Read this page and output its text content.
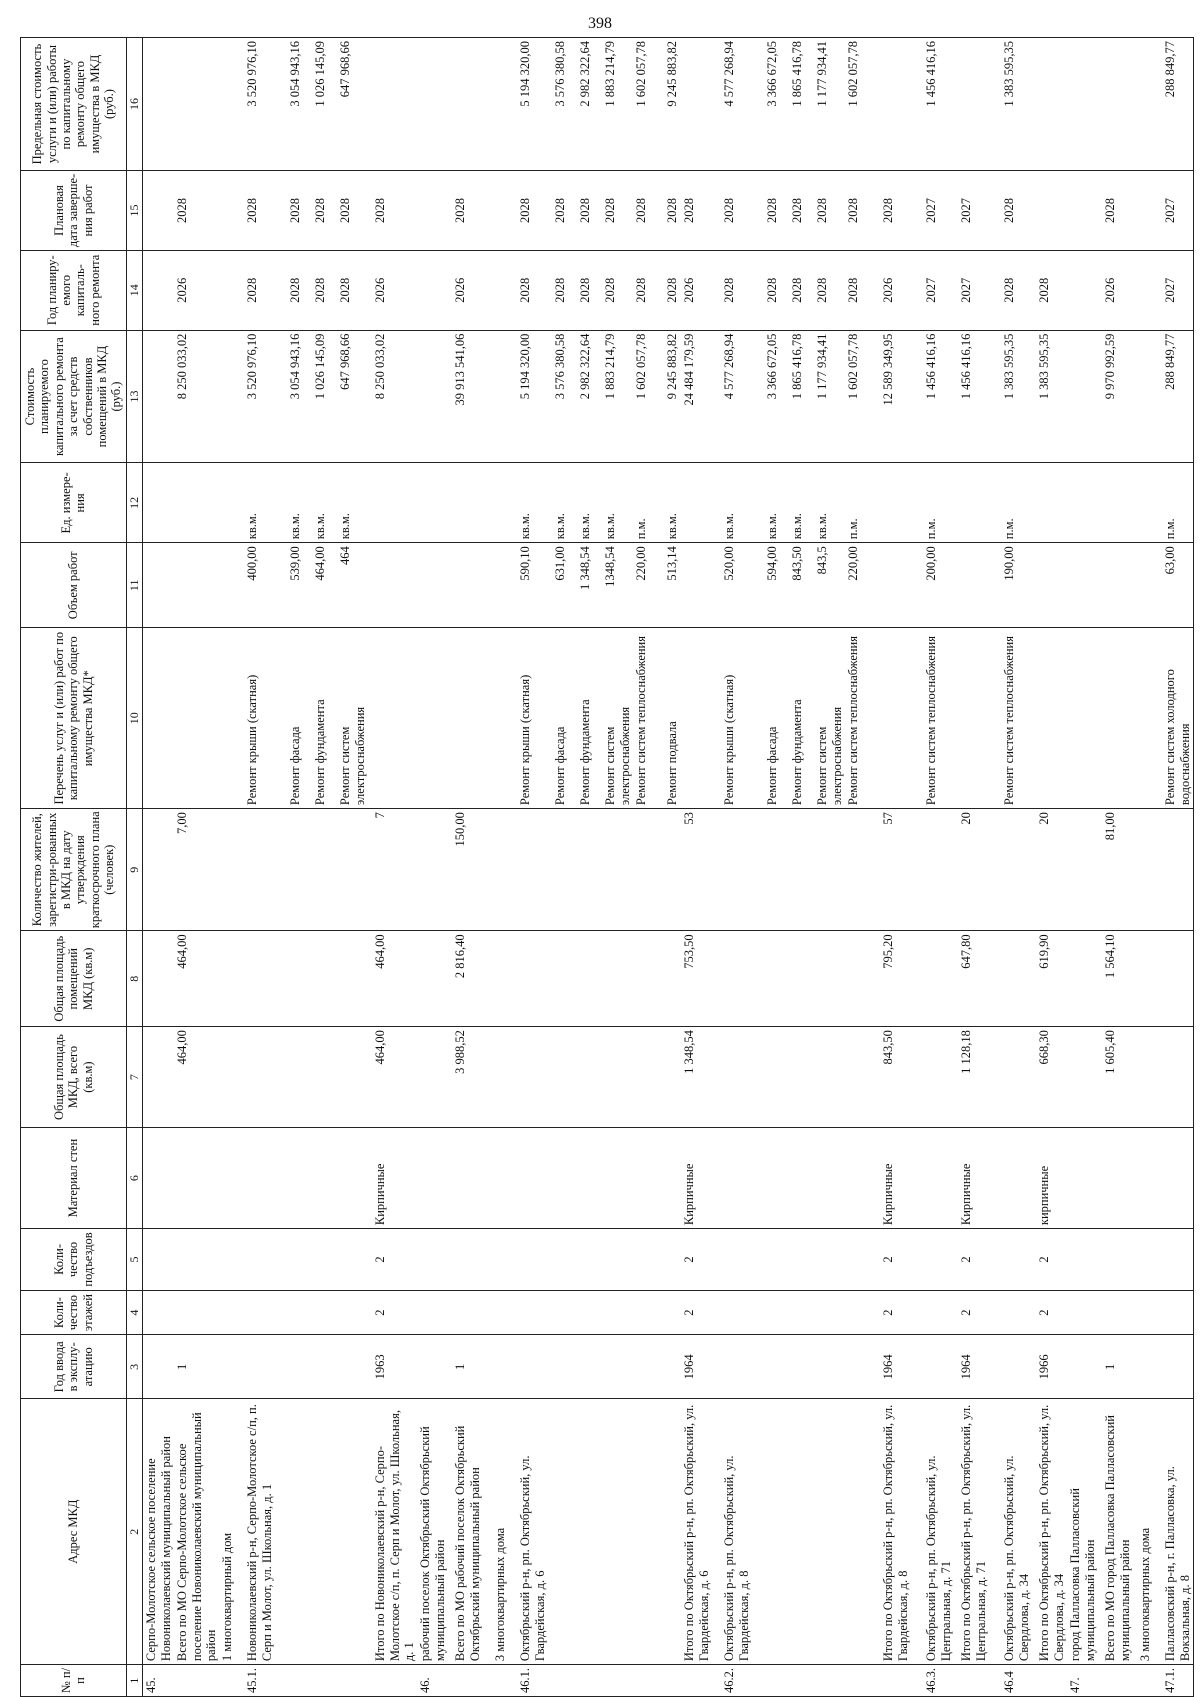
398
№ п/п	Адрес МКД	Год ввода в эксплу-атацию	Коли-чество этажей	Коли-чество подъездов	Материал стен	Общая площадь МКД, всего (кв.м)	Общая площадь помещений МКД (кв.м)	Количество жителей, зарегистри-рованных в МКД на дату утверждения краткосрочного плана (человек)	Перечень услуг и (или) работ по капитальному ремонту общего имущества МКД*	Объем работ	Ед. измере-ния	Стоимость планируемого капитального ремонта за счет средств собственников помещений в МКД (руб.)	Год планиру-емого капиталь-ного ремонта	Плановая дата заверше-ния работ	Предельная стоимость услуги и (или) работы по капитальному ремонту общего имущества в МКД (руб.)
1	2	3	4	5	6	7	8	9	10	11	12	13	14	15	16
45.	Серпо-Молотское сельское поселение Новониколаевский муниципальный район														
	Всего по МО Серпо-Молотское сельское поселение Новониколаевский муниципальный район	1				464,00	464,00	7,00				8 250 033,02	2026	2028	
	1 многоквартирный дом														
45.1.	Новониколаевский р-н, Серпо-Молотское с/п, п. Серп и Молот, ул. Школьная, д. 1								Ремонт крыши (скатная)	400,00	кв.м.	3 520 976,10	2028	2028	3 520 976,10
									Ремонт фасада	539,00	кв.м.	3 054 943,16	2028	2028	3 054 943,16
									Ремонт фундамента	464,00	кв.м.	1 026 145,09	2028	2028	1 026 145,09
									Ремонт систем электроснабжения	464	кв.м.	647 968,66	2028	2028	647 968,66
	Итого по Новониколаевский р-н, Серпо-Молотское с/п, п. Серп и Молот, ул. Школьная, д. 1	1963	2	2	Кирпичные	464,00	464,00	7				8 250 033,02	2026	2028	
46.	рабочий поселок Октябрьский Октябрьский муниципальный район														
	Всего по МО рабочий поселок Октябрьский Октябрьский муниципальный район	1				3 988,52	2 816,40	150,00				39 913 541,06	2026	2028	
	3 многоквартирных дома														
46.1.	Октябрьский р-н, рп. Октябрьский, ул. Гвардейская, д. 6								Ремонт крыши (скатная)	590,10	кв.м.	5 194 320,00	2028	2028	5 194 320,00
									Ремонт фасада	631,00	кв.м.	3 576 380,58	2028	2028	3 576 380,58
									Ремонт фундамента	1 348,54	кв.м.	2 982 322,64	2028	2028	2 982 322,64
									Ремонт систем электроснабжения	1348,54	кв.м.	1 883 214,79	2028	2028	1 883 214,79
									Ремонт систем теплоснабжения	220,00	п.м.	1 602 057,78	2028	2028	1 602 057,78
									Ремонт подвала	513,14	кв.м.	9 245 883,82	2028	2028	9 245 883,82
	Итого по Октябрьский р-н, рп. Октябрьский, ул. Гвардейская, д. 6	1964	2	2	Кирпичные	1 348,54	753,50	53				24 484 179,59	2026	2028	
46.2.	Октябрьский р-н, рп. Октябрьский, ул. Гвардейская, д. 8								Ремонт крыши (скатная)	520,00	кв.м.	4 577 268,94	2028	2028	4 577 268,94
									Ремонт фасада	594,00	кв.м.	3 366 672,05	2028	2028	3 366 672,05
									Ремонт фундамента	843,50	кв.м.	1 865 416,78	2028	2028	1 865 416,78
									Ремонт систем электроснабжения	843,5	кв.м.	1 177 934,41	2028	2028	1 177 934,41
									Ремонт систем теплоснабжения	220,00	п.м.	1 602 057,78	2028	2028	1 602 057,78
	Итого по Октябрьский р-н, рп. Октябрьский, ул. Гвардейская, д. 8	1964	2	2	Кирпичные	843,50	795,20	57				12 589 349,95	2026	2028	
46.3.	Октябрьский р-н, рп. Октябрьский, ул. Центральная, д. 71								Ремонт систем теплоснабжения	200,00	п.м.	1 456 416,16	2027	2027	1 456 416,16
	Итого по Октябрьский р-н, рп. Октябрьский, ул. Центральная, д. 71	1964	2	2	Кирпичные	1 128,18	647,80	20				1 456 416,16	2027	2027	
46.4	Октябрьский р-н, рп. Октябрьский, ул. Свердлова, д. 34								Ремонт систем теплоснабжения	190,00	п.м.	1 383 595,35	2028	2028	1 383 595,35
	Итого по Октябрьский р-н, рп. Октябрьский, ул. Свердлова, д. 34	1966	2	2	кирпичные	668,30	619,90	20				1 383 595,35	2028		
47.	город Палласовка Палласовский муниципальный район														
	Всего по МО город Палласовка Палласовский муниципальный район	1				1 605,40	1 564,10	81,00				9 970 992,59	2026	2028	
	3 многоквартирных дома														
47.1.	Палласовский р-н, г. Палласовка, ул. Вокзальная, д. 8								Ремонт систем холодного водоснабжения	63,00	п.м.	288 849,77	2027	2027	288 849,77
